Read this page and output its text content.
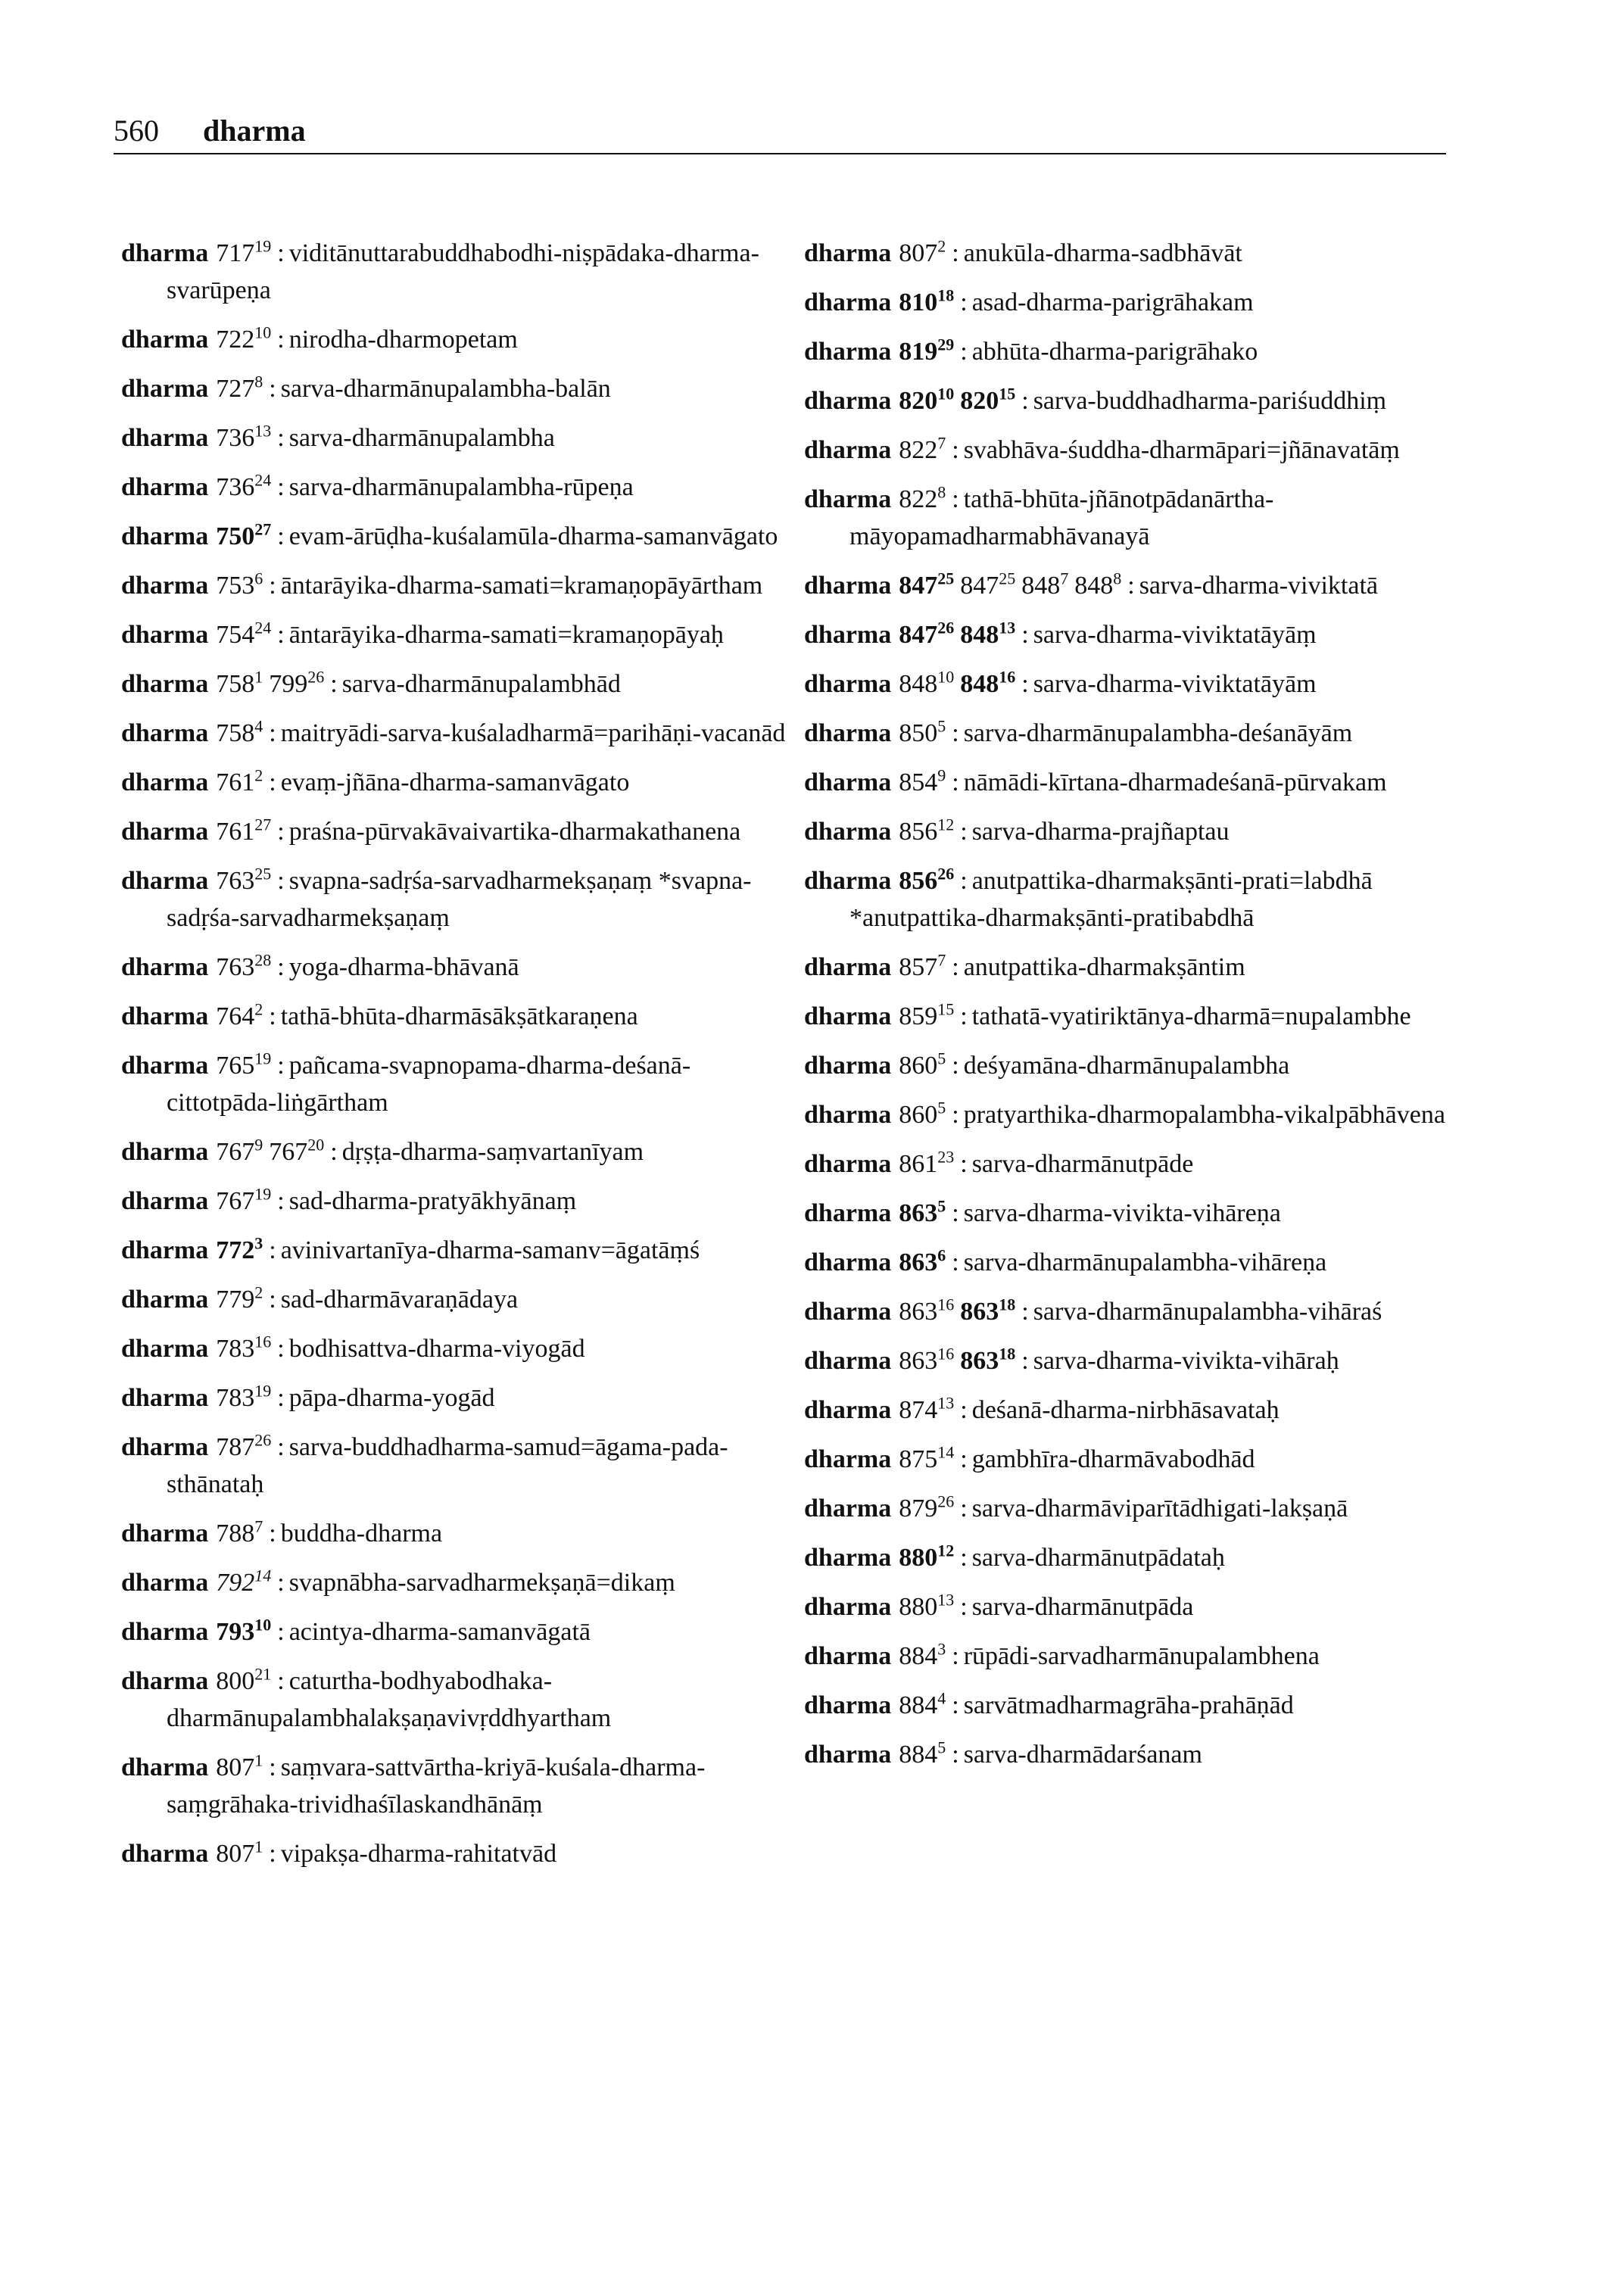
560 dharma
dharma $717^{19}$ : viditānuttarabuddhabodhi-niṣpādaka-dharma-svarūpeṇa
dharma $722^{10}$ : nirodha-dharmopetam
dharma $727^8$ : sarva-dharmānupalambha-balān
dharma $736^{13}$ : sarva-dharmānupalambha
dharma $736^{24}$ : sarva-dharmānupalambha-rūpeṇa
dharma $750^{27}$ : evam-ārūḍha-kuśalamūla-dharma-samanvāgato
dharma $753^6$ : āntarāyika-dharma-samati=kramaṇopāyārtham
dharma $754^{24}$ : āntarāyika-dharma-samati=kramaṇopāyaḥ
dharma $758^1$ $799^{26}$ : sarva-dharmānupalambhād
dharma $758^4$ : maitryādi-sarva-kuśaladharmā=parihāṇi-vacanād
dharma $761^2$ : evaṃ-jñāna-dharma-samanvāgato
dharma $761^{27}$ : praśna-pūrvakāvaivartika-dharmakathanena
dharma $763^{25}$ : svapna-sadṛśa-sarvadharmekṣaṇaṃ *svapna-sadṛśa-sarvadharmekṣaṇaṃ
dharma $763^{28}$ : yoga-dharma-bhāvanā
dharma $764^2$ : tathā-bhūta-dharmāsākṣātkaraṇena
dharma $765^{19}$ : pañcama-svapnopama-dharma-deśanā-cittotpāda-liṅgārtham
dharma $767^9$ $767^{20}$ : dṛṣṭa-dharma-saṃvartanīyam
dharma $767^{19}$ : sad-dharma-pratyākhyānaṃ
dharma $772^3$ : avinivartanīya-dharma-samanv=āgatāṃś
dharma $779^2$ : sad-dharmāvaraṇādaya
dharma $783^{16}$ : bodhisattva-dharma-viyogād
dharma $783^{19}$ : pāpa-dharma-yogād
dharma $787^{26}$ : sarva-buddhadharma-samud=āgama-pada-sthānataḥ
dharma $788^7$ : buddha-dharma
dharma $792^{14}$ : svapnābha-sarvadharmekṣaṇā=dikaṃ
dharma $793^{10}$ : acintya-dharma-samanvāgatā
dharma $800^{21}$ : caturtha-bodhyabodhaka-dharmānupalambhalakṣaṇavivṛddhyartham
dharma $807^1$ : saṃvara-sattvārtha-kriyā-kuśala-dharma-saṃgrāhaka-trividhaśīlaskandhānāṃ
dharma $807^1$ : vipakṣa-dharma-rahitatvād
dharma $807^2$ : anukūla-dharma-sadbhāvāt
dharma $810^{18}$ : asad-dharma-parigrāhakam
dharma $819^{29}$ : abhūta-dharma-parigrāhako
dharma $820^{10}$ $820^{15}$ : sarva-buddhadharma-pariśuddhiṃ
dharma $822^7$ : svabhāva-śuddha-dharmāpari=jñānavatāṃ
dharma $822^8$ : tathā-bhūta-jñānotpādanārtha-māyopamadharmabhāvanayā
dharma $847^{25}$ $847^{25}$ $848^7$ $848^8$ : sarva-dharma-viviktatā
dharma $847^{26}$ $848^{13}$ : sarva-dharma-viviktatāyāṃ
dharma $848^{10}$ $848^{16}$ : sarva-dharma-viviktatāyām
dharma $850^5$ : sarva-dharmānupalambha-deśanāyām
dharma $854^9$ : nāmādi-kīrtana-dharmadeśanā-pūrvakam
dharma $856^{12}$ : sarva-dharma-prajñaptau
dharma $856^{26}$ : anutpattika-dharmakṣānti-prati=labdhā *anutpattika-dharmakṣānti-pratibabdhā
dharma $857^7$ : anutpattika-dharmakṣāntim
dharma $859^{15}$ : tathatā-vyatiriktānya-dharmā=nupalambhe
dharma $860^5$ : deśyamāna-dharmānupalambha
dharma $860^5$ : pratyarthika-dharmopalambha-vikalpābhāvena
dharma $861^{23}$ : sarva-dharmānutpāde
dharma $863^5$ : sarva-dharma-vivikta-vihāreṇa
dharma $863^6$ : sarva-dharmānupalambha-vihāreṇa
dharma $863^{16}$ $863^{18}$ : sarva-dharmānupalambha-vihāraś
dharma $863^{16}$ $863^{18}$ : sarva-dharma-vivikta-vihāraḥ
dharma $874^{13}$ : deśanā-dharma-nirbhāsavataḥ
dharma $875^{14}$ : gambhīra-dharmāvabodhād
dharma $879^{26}$ : sarva-dharmāviparītādhigati-lakṣaṇā
dharma $880^{12}$ : sarva-dharmānutpādataḥ
dharma $880^{13}$ : sarva-dharmānutpāda
dharma $884^3$ : rūpādi-sarvadharmānupalambhena
dharma $884^4$ : sarvātmadharmagrāha-prahāṇād
dharma $884^5$ : sarva-dharmādarśanam
